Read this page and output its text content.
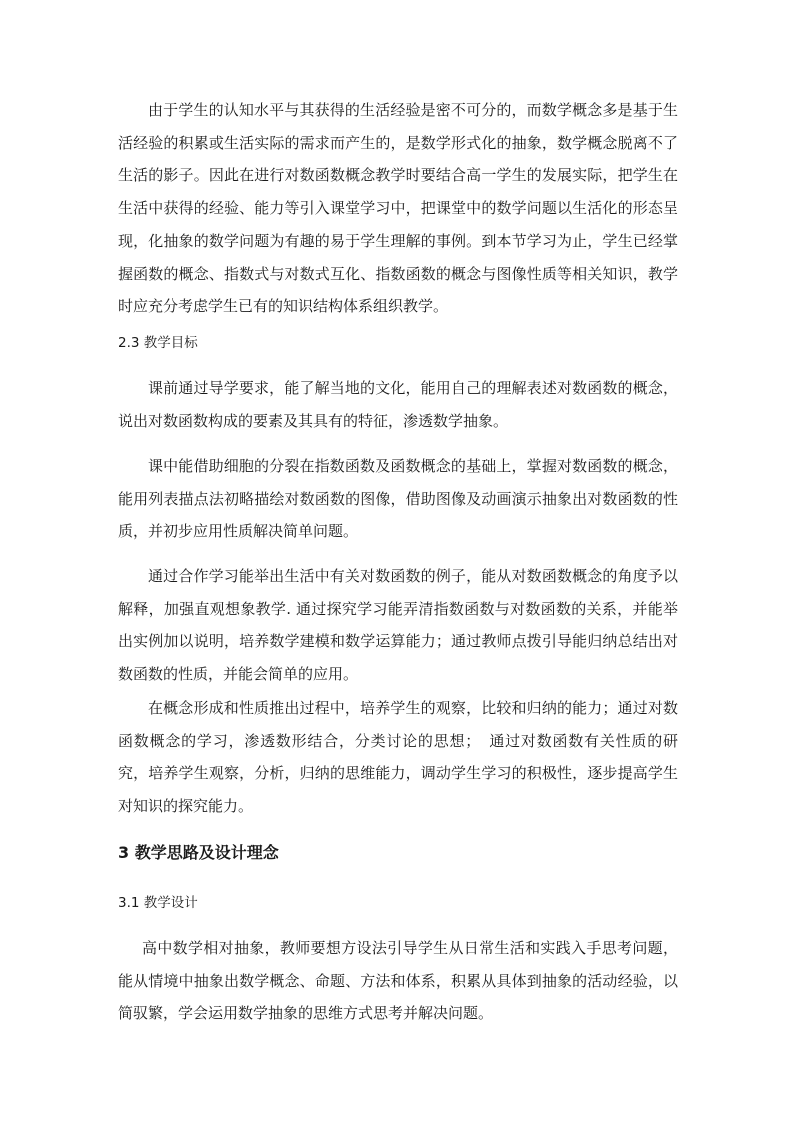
由于学生的认知水平与其获得的生活经验是密不可分的，而数学概念多是基于生活经验的积累或生活实际的需求而产生的，是数学形式化的抽象，数学概念脱离不了生活的影子。因此在进行对数函数概念教学时要结合高一学生的发展实际，把学生在生活中获得的经验、能力等引入课堂学习中，把课堂中的数学问题以生活化的形态呈现，化抽象的数学问题为有趣的易于学生理解的事例。到本节学习为止，学生已经掌握函数的概念、指数式与对数式互化、指数函数的概念与图像性质等相关知识，教学时应充分考虑学生已有的知识结构体系组织教学。

2.3 教学目标

课前通过导学要求，能了解当地的文化，能用自己的理解表述对数函数的概念，说出对数函数构成的要素及其具有的特征，渗透数学抽象。

课中能借助细胞的分裂在指数函数及函数概念的基础上，掌握对数函数的概念，能用列表描点法初略描绘对数函数的图像，借助图像及动画演示抽象出对数函数的性质，并初步应用性质解决简单问题。

通过合作学习能举出生活中有关对数函数的例子，能从对数函数概念的角度予以解释，加强直观想象教学. 通过探究学习能弄清指数函数与对数函数的关系，并能举出实例加以说明，培养数学建模和数学运算能力；通过教师点拨引导能归纳总结出对数函数的性质，并能会简单的应用。

在概念形成和性质推出过程中，培养学生的观察，比较和归纳的能力；通过对数函数概念的学习，渗透数形结合，分类讨论的思想；　通过对数函数有关性质的研究，培养学生观察，分析，归纳的思维能力，调动学生学习的积极性，逐步提高学生对知识的探究能力。

3 教学思路及设计理念
3.1 教学设计

高中数学相对抽象，教师要想方设法引导学生从日常生活和实践入手思考问题，能从情境中抽象出数学概念、命题、方法和体系，积累从具体到抽象的活动经验，以简驭繁，学会运用数学抽象的思维方式思考并解决问题。
